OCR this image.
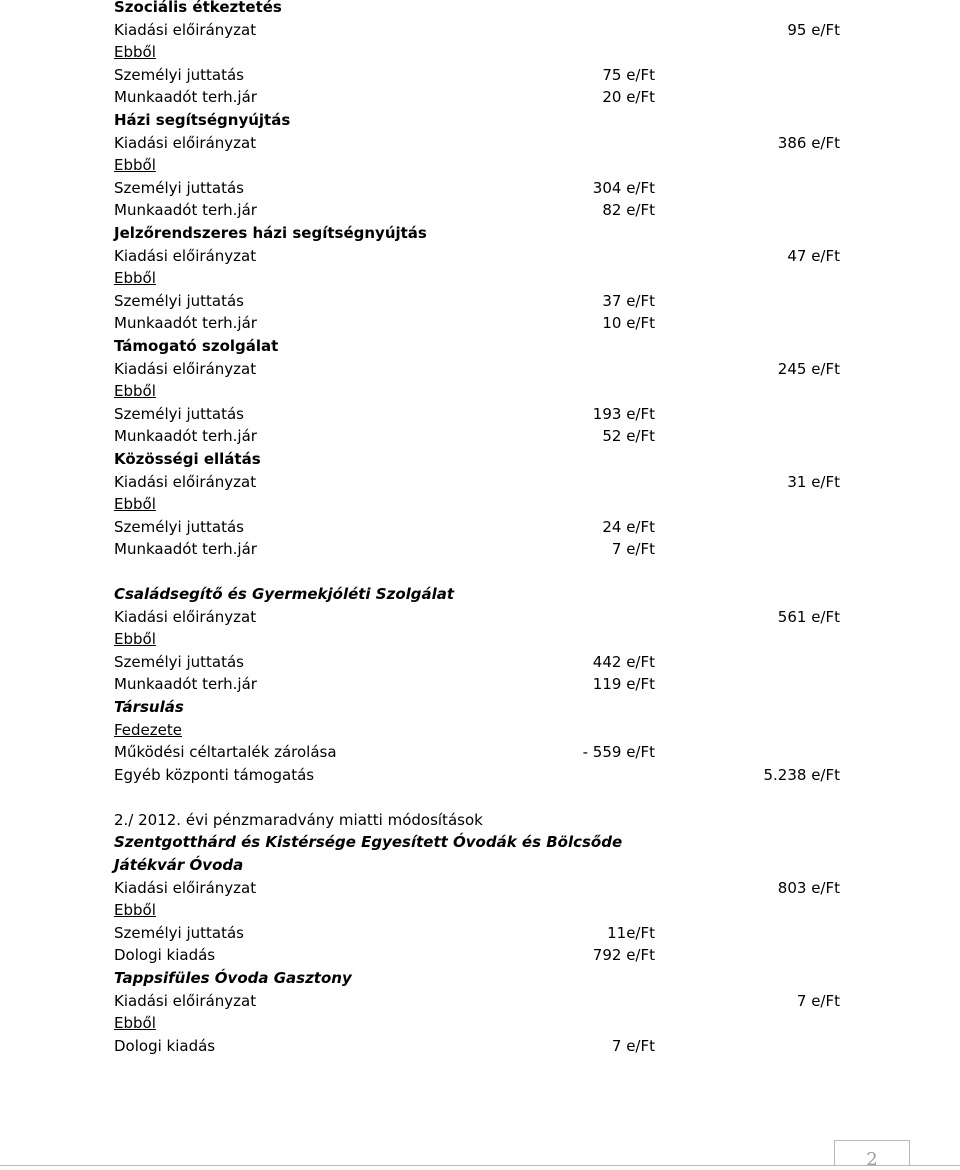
Szociális étkeztetés
Kiadási előirányzat	95 e/Ft
Ebből
Személyi juttatás	75 e/Ft
Munkaadót terh.jár	20 e/Ft
Házi segítségnyújtás
Kiadási előirányzat	386 e/Ft
Ebből
Személyi juttatás	304 e/Ft
Munkaadót terh.jár	82 e/Ft
Jelzőrendszeres házi segítségnyújtás
Kiadási előirányzat	47 e/Ft
Ebből
Személyi juttatás	37 e/Ft
Munkaadót terh.jár	10 e/Ft
Támogató szolgálat
Kiadási előirányzat	245 e/Ft
Ebből
Személyi juttatás	193 e/Ft
Munkaadót terh.jár	52 e/Ft
Közösségi ellátás
Kiadási előirányzat	31 e/Ft
Ebből
Személyi juttatás	24 e/Ft
Munkaadót terh.jár	7 e/Ft
Családsegítő és Gyermekjóléti Szolgálat
Kiadási előirányzat	561 e/Ft
Ebből
Személyi juttatás	442 e/Ft
Munkaadót terh.jár	119 e/Ft
Társulás
Fedezete
Működési céltartalék zárolása	- 559 e/Ft
Egyéb központi támogatás	5.238 e/Ft
2./ 2012. évi pénzmaradvány miatti módosítások
Szentgotthárd és Kistérsége Egyesített Óvodák és Bölcsőde
Játékvár Óvoda
Kiadási előirányzat	803 e/Ft
Ebből
Személyi juttatás	11e/Ft
Dologi kiadás	792 e/Ft
Tappsifüles Óvoda Gasztony
Kiadási előirányzat	7 e/Ft
Ebből
Dologi kiadás	7 e/Ft
2
